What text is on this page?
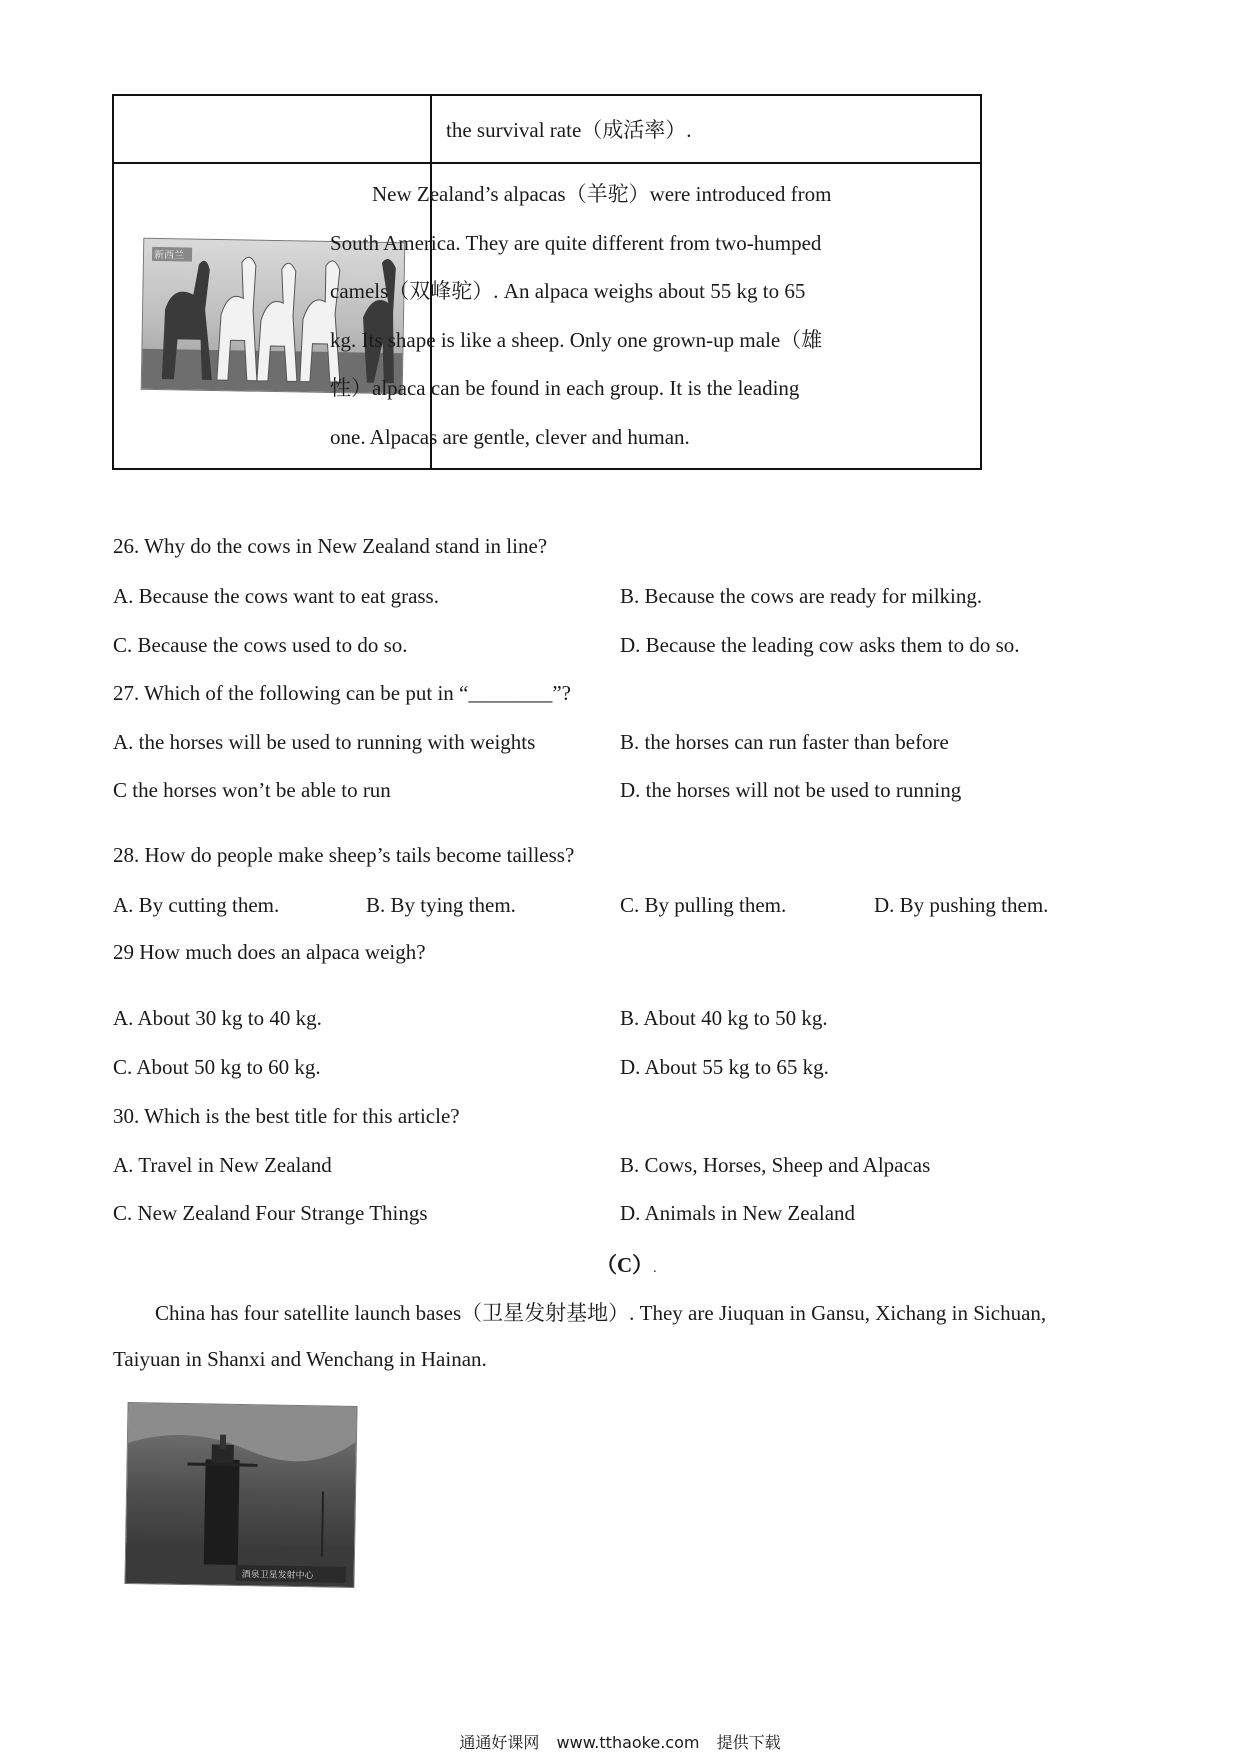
the survival rate（成活率）.
新西兰
New Zealand’s alpacas（羊驼）were introduced from
South America. They are quite different from two-humped
camels（双峰驼）. An alpaca weighs about 55 kg to 65
kg. Its shape is like a sheep. Only one grown-up male（雄
性）alpaca can be found in each group. It is the leading
one. Alpacas are gentle, clever and human.
26. Why do the cows in New Zealand stand in line?
A. Because the cows want to eat grass.	B. Because the cows are ready for milking.
C. Because the cows used to do so.	D. Because the leading cow asks them to do so.
27. Which of the following can be put in “________”?
A. the horses will be used to running with weights	B. the horses can run faster than before
C the horses won’t be able to run	D. the horses will not be used to running
28. How do people make sheep’s tails become tailless?
A. By cutting them.	B. By tying them.	C. By pulling them.	D. By pushing them.
29 How much does an alpaca weigh?
A. About 30 kg to 40 kg.	B. About 40 kg to 50 kg.
C. About 50 kg to 60 kg.	D. About 55 kg to 65 kg.
30. Which is the best title for this article?
A. Travel in New Zealand	B. Cows, Horses, Sheep and Alpacas
C. New Zealand Four Strange Things	D. Animals in New Zealand
（C）.
China has four satellite launch bases（卫星发射基地）. They are Jiuquan in Gansu, Xichang in Sichuan,
Taiyuan in Shanxi and Wenchang in Hainan.
酒泉卫星发射中心
通通好课网 www.tthaoke.com 提供下载
